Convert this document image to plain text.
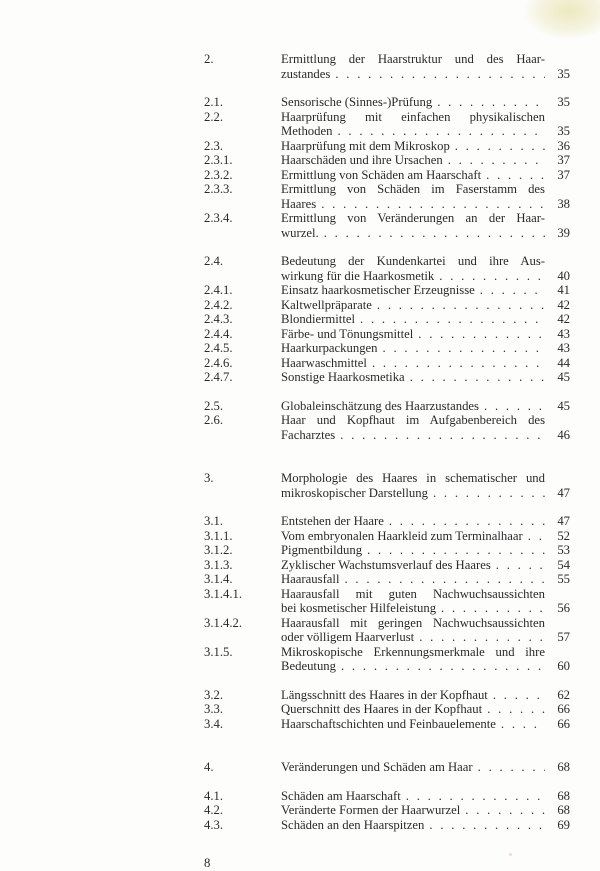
2.	Ermittlung der Haarstruktur und des Haar-
zustandes . . .	35
2.1.	Sensorische (Sinnes-)Prüfung . . .	35
2.2.	Haarprüfung mit einfachen physikalischen
Methoden . . .	35
2.3.	Haarprüfung mit dem Mikroskop . . .	36
2.3.1.	Haarschäden und ihre Ursachen . . .	37
2.3.2.	Ermittlung von Schäden am Haarschaft . . .	37
2.3.3.	Ermittlung von Schäden im Faserstamm des
Haares . . .	38
2.3.4.	Ermittlung von Veränderungen an der Haar-
wurzel. . . .	39
2.4.	Bedeutung der Kundenkartei und ihre Aus-
wirkung für die Haarkosmetik . . .	40
2.4.1.	Einsatz haarkosmetischer Erzeugnisse . . .	41
2.4.2.	Kaltwellpräparate . . .	42
2.4.3.	Blondiermittel . . .	42
2.4.4.	Färbe- und Tönungsmittel . . .	43
2.4.5.	Haarkurpackungen . . .	43
2.4.6.	Haarwaschmittel . . .	44
2.4.7.	Sonstige Haarkosmetika . . .	45
2.5.	Globaleinschätzung des Haarzustandes . . .	45
2.6.	Haar und Kopfhaut im Aufgabenbereich des
Facharztes . . .	46
3.	Morphologie des Haares in schematischer und
mikroskopischer Darstellung . . .	47
3.1.	Entstehen der Haare . . .	47
3.1.1.	Vom embryonalen Haarkleid zum Terminalhaar . . .	52
3.1.2.	Pigmentbildung . . .	53
3.1.3.	Zyklischer Wachstumsverlauf des Haares . . .	54
3.1.4.	Haarausfall . . .	55
3.1.4.1.	Haarausfall mit guten Nachwuchsaussichten
bei kosmetischer Hilfeleistung . . .	56
3.1.4.2.	Haarausfall mit geringen Nachwuchsaussichten
oder völligem Haarverlust . . .	57
3.1.5.	Mikroskopische Erkennungsmerkmale und ihre
Bedeutung . . .	60
3.2.	Längsschnitt des Haares in der Kopfhaut . . .	62
3.3.	Querschnitt des Haares in der Kopfhaut . . .	66
3.4.	Haarschaftschichten und Feinbauelemente . . .	66
4.	Veränderungen und Schäden am Haar . . .	68
4.1.	Schäden am Haarschaft . . .	68
4.2.	Veränderte Formen der Haarwurzel . . .	68
4.3.	Schäden an den Haarspitzen . . .	69
8
